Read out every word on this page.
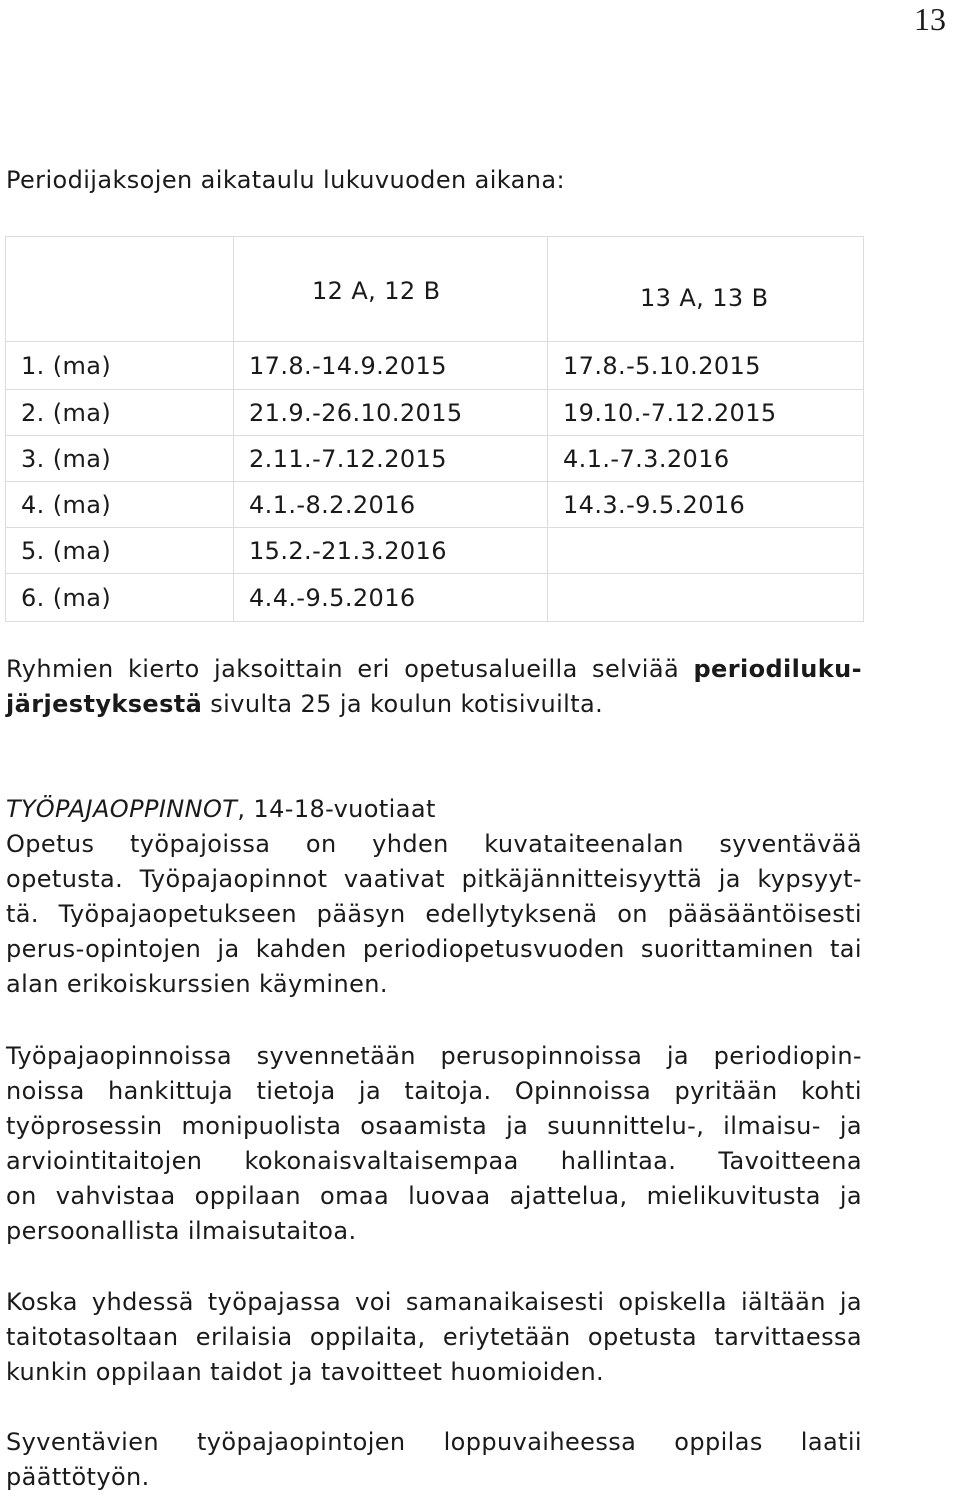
13

Periodijaksojen aikataulu lukuvuoden aikana:

	12 A, 12 B	13 A, 13 B
1. (ma)	17.8.-14.9.2015	17.8.-5.10.2015
2. (ma)	21.9.-26.10.2015	19.10.-7.12.2015
3. (ma)	2.11.-7.12.2015	4.1.-7.3.2016
4. (ma)	4.1.-8.2.2016	14.3.-9.5.2016
5. (ma)	15.2.-21.3.2016	
6. (ma)	4.4.-9.5.2016	

Ryhmien kierto jaksoittain eri opetusalueilla selviää periodiluku-
järjestyksestä sivulta 25 ja koulun kotisivuilta.

TYÖPAJAOPPINNOT, 14-18-vuotiaat

Opetus työpajoissa on yhden kuvataiteenalan syventävää
opetusta. Työpajaopinnot vaativat pitkäjännitteisyyttä ja kypsyyt-
tä. Työpajaopetukseen pääsyn edellytyksenä on pääsääntöisesti
perus-opintojen ja kahden periodiopetusvuoden suorittaminen tai
alan erikoiskurssien käyminen.

Työpajaopinnoissa syvennetään perusopinnoissa ja periodiopin-
noissa hankittuja tietoja ja taitoja. Opinnoissa pyritään kohti
työprosessin monipuolista osaamista ja suunnittelu-, ilmaisu- ja
arviointitaitojen kokonaisvaltaisempaa hallintaa. Tavoitteena
on vahvistaa oppilaan omaa luovaa ajattelua, mielikuvitusta ja
persoonallista ilmaisutaitoa.

Koska yhdessä työpajassa voi samanaikaisesti opiskella iältään ja
taitotasoltaan erilaisia oppilaita, eriytetään opetusta tarvittaessa
kunkin oppilaan taidot ja tavoitteet huomioiden.

Syventävien työpajaopintojen loppuvaiheessa oppilas laatii
päättötyön.
